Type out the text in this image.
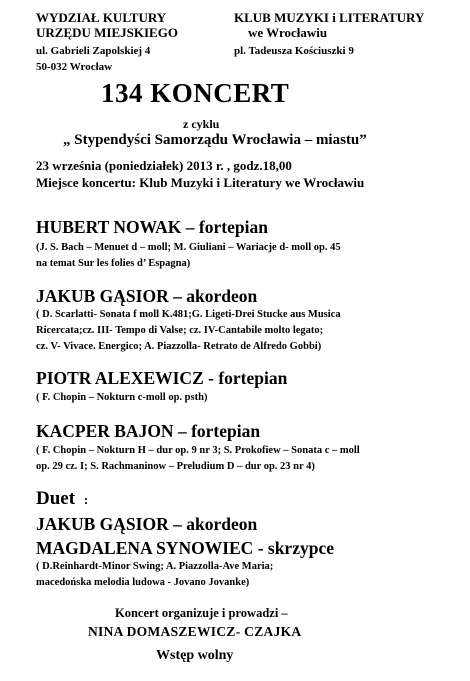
WYDZIAŁ KULTURY
URZĘDU MIEJSKIEGO
ul. Gabrieli Zapolskiej 4
50-032 Wrocław
KLUB MUZYKI i LITERATURY
we Wrocławiu
pl. Tadeusza Kościuszki 9
134 KONCERT
z cyklu
„ Stypendyści Samorządu Wrocławia – miastu”
23 września (poniedziałek) 2013 r. , godz.18,00
Miejsce koncertu: Klub Muzyki i Literatury we Wrocławiu
HUBERT NOWAK – fortepian
(J. S. Bach – Menuet d – moll; M. Giuliani – Wariacje d- moll op. 45
na temat Sur les folies d’ Espagna)
JAKUB GĄSIOR – akordeon
( D. Scarlatti- Sonata f moll K.481;G. Ligeti-Drei Stucke aus Musica
Ricercata;cz. III- Tempo di Valse; cz. IV-Cantabile molto legato;
cz. V- Vivace. Energico; A. Piazzolla- Retrato de Alfredo Gobbi)
PIOTR ALEXEWICZ - fortepian
( F. Chopin – Nokturn c-moll op. psth)
KACPER BAJON – fortepian
( F. Chopin – Nokturn H – dur op. 9 nr 3; S. Prokofiew – Sonata c – moll
op. 29 cz. I; S. Rachmaninow – Preludium D – dur op. 23 nr 4)
Duet :
JAKUB GĄSIOR – akordeon
MAGDALENA SYNOWIEC - skrzypce
( D.Reinhardt-Minor Swing; A. Piazzolla-Ave Maria;
macedońska melodia ludowa - Jovano Jovanke)
Koncert organizuje i prowadzi –
NINA DOMASZEWICZ- CZAJKA
Wstęp wolny
